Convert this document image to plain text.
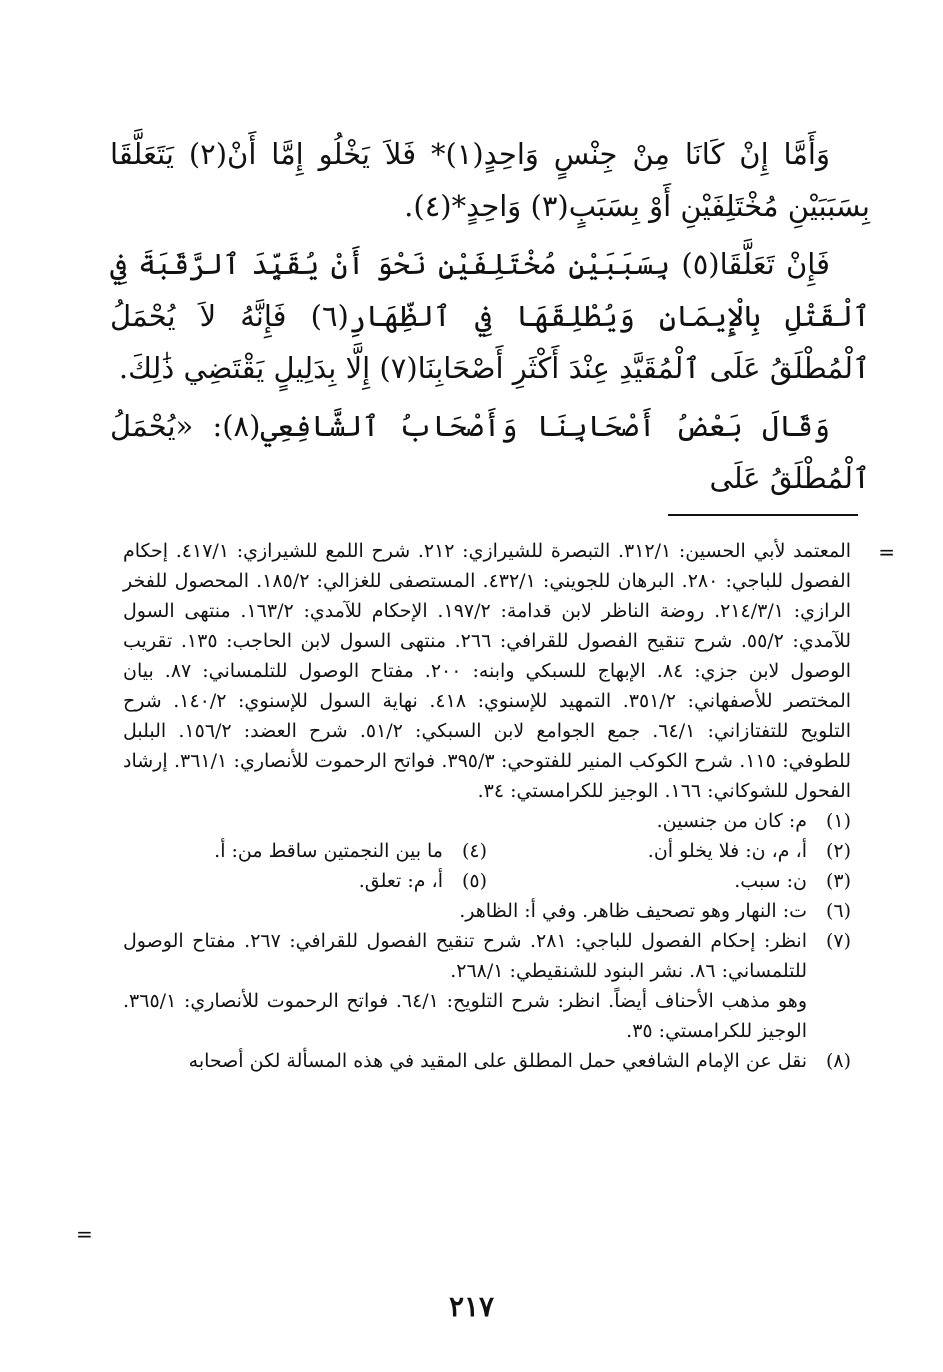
وَأَمَّا إِنْ كَانَا مِنْ جِنْسٍ وَاحِدٍ(١)* فَلاَ يَخْلُو إِمَّا أَنْ(٢) يَتَعَلَّقَا بِسَبَبَيْنِ مُخْتَلِفَيْنِ أَوْ بِسَبَبٍ(٣) وَاحِدٍ*(٤).

فَإِنْ تَعَلَّقَا(٥) بِسَبَبَيْنِ مُخْتَلِفَيْنِ نَحْوَ أَنْ يُقَيِّدَ ٱلرَّقَبَةَ فِي ٱلْقَتْلِ بِالْإِيمَانِ وَيُطْلِقَهَا فِي ٱلظِّهَارِ(٦) فَإِنَّهُ لاَ يُحْمَلُ ٱلْمُطْلَقُ عَلَى ٱلْمُقَيَّدِ عِنْدَ أَكْثَرِ أَصْحَابِنَا(٧) إِلَّا بِدَلِيلٍ يَقْتَضِي ذَٰلِكَ.

وَقَالَ بَعْضُ أَصْحَابِنَا وَأَصْحَابُ ٱلشَّافِعِي(٨): «يُحْمَلُ ٱلْمُطْلَقُ عَلَى

=

المعتمد لأبي الحسين: ٣١٢/١. التبصرة للشيرازي: ٢١٢. شرح اللمع للشيرازي: ٤١٧/١. إحكام الفصول للباجي: ٢٨٠. البرهان للجويني: ٤٣٢/١. المستصفى للغزالي: ١٨٥/٢. المحصول للفخر الرازي: ٢١٤/٣/١. روضة الناظر لابن قدامة: ١٩٧/٢. الإحكام للآمدي: ١٦٣/٢. منتهى السول للآمدي: ٥٥/٢. شرح تنقيح الفصول للقرافي: ٢٦٦. منتهى السول لابن الحاجب: ١٣٥. تقريب الوصول لابن جزي: ٨٤. الإبهاج للسبكي وابنه: ٢٠٠. مفتاح الوصول للتلمساني: ٨٧. بيان المختصر للأصفهاني: ٣٥١/٢. التمهيد للإسنوي: ٤١٨. نهاية السول للإسنوي: ١٤٠/٢. شرح التلويح للتفتازاني: ٦٤/١. جمع الجوامع لابن السبكي: ٥١/٢. شرح العضد: ١٥٦/٢. البلبل للطوفي: ١١٥. شرح الكوكب المنير للفتوحي: ٣٩٥/٣. فواتح الرحموت للأنصاري: ٣٦١/١. إرشاد الفحول للشوكاني: ١٦٦. الوجيز للكرامستي: ٣٤.

(١)
م: كان من جنسين.
(٢)
أ، م، ن: فلا يخلو أن.
(٤)
ما بين النجمتين ساقط من: أ.
(٣)
ن: سبب.
(٥)
أ، م: تعلق.
(٦)
ت: النهار وهو تصحيف ظاهر. وفي أ: الظاهر.
(٧)
انظر: إحكام الفصول للباجي: ٢٨١. شرح تنقيح الفصول للقرافي: ٢٦٧. مفتاح الوصول للتلمساني: ٨٦. نشر البنود للشنقيطي: ٢٦٨/١.
وهو مذهب الأحناف أيضاً. انظر: شرح التلويح: ٦٤/١. فواتح الرحموت للأنصاري: ٣٦٥/١. الوجيز للكرامستي: ٣٥.
(٨)
نقل عن الإمام الشافعي حمل المطلق على المقيد في هذه المسألة لكن أصحابه
=
٢١٧
